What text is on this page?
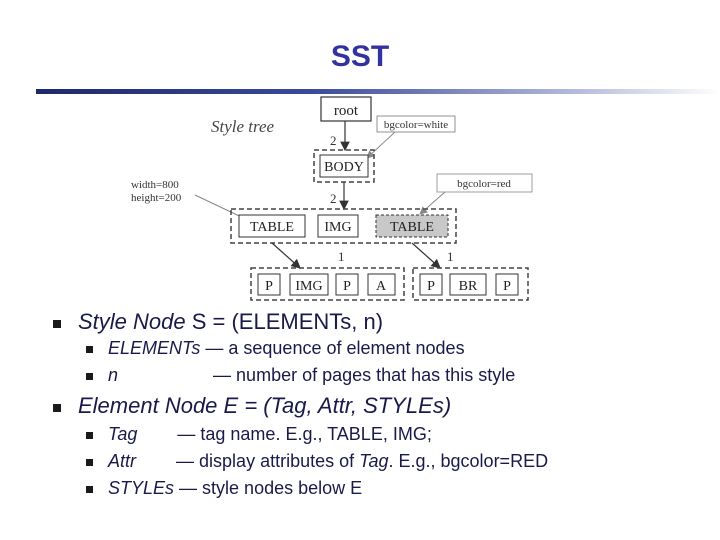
SST
Style tree
root
bgcolor=white
2
BODY
width=800
height=200
bgcolor=red
2
TABLE IMG	TABLE
1	1
P IMG P A	P BR P
Style Node S = (ELEMENTs, n)
ELEMENTs — a sequence of element nodes
n	— number of pages that has this style
Element Node E = (Tag, Attr, STYLEs)
Tag — tag name. E.g., TABLE, IMG;
Attr — display attributes of Tag. E.g., bgcolor=RED
STYLEs — style nodes below E
